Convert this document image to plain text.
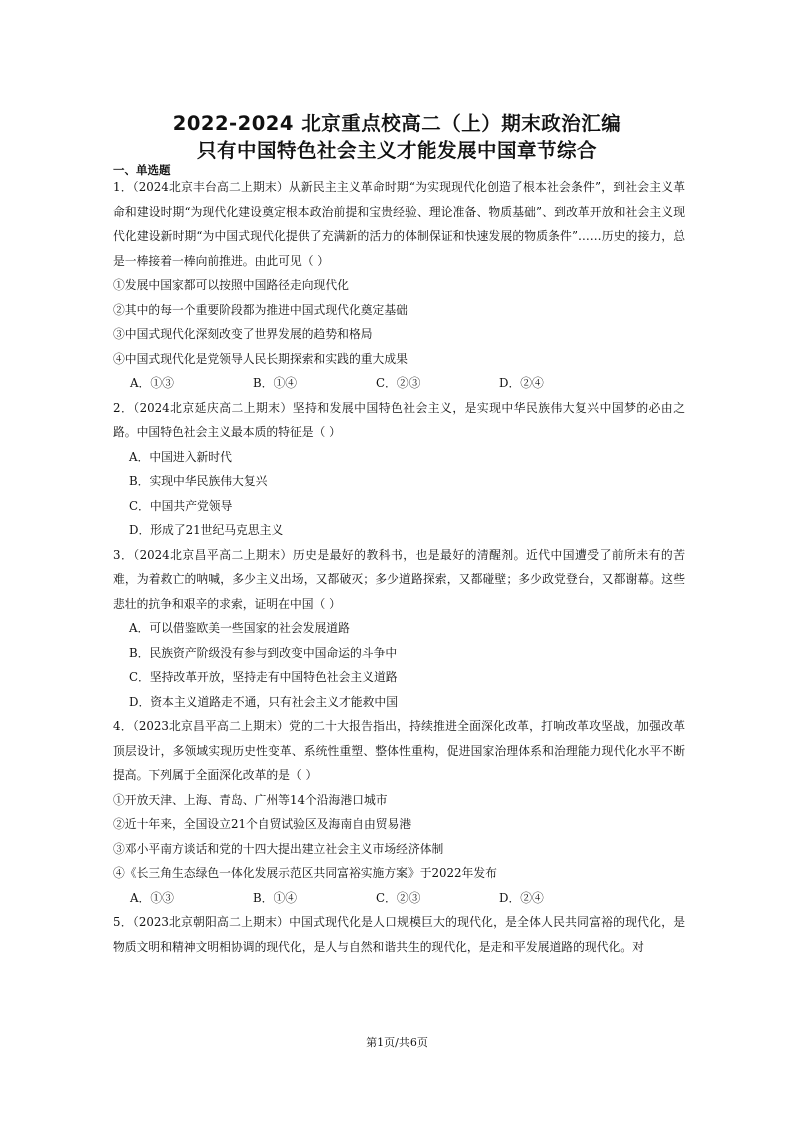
2022-2024 北京重点校高二（上）期末政治汇编
只有中国特色社会主义才能发展中国章节综合
一、单选题

1．（2024北京丰台高二上期末）从新民主主义革命时期“为实现现代化创造了根本社会条件”，到社会主义革命和建设时期“为现代化建设奠定根本政治前提和宝贵经验、理论准备、物质基础”、到改革开放和社会主义现代化建设新时期“为中国式现代化提供了充满新的活力的体制保证和快速发展的物质条件”……历史的接力，总是一棒接着一棒向前推进。由此可见（ ）

①发展中国家都可以按照中国路径走向现代化

②其中的每一个重要阶段都为推进中国式现代化奠定基础

③中国式现代化深刻改变了世界发展的趋势和格局

④中国式现代化是党领导人民长期探索和实践的重大成果

A．①③	B．①④	C．②③	D．②④

2．（2024北京延庆高二上期末）坚持和发展中国特色社会主义，是实现中华民族伟大复兴中国梦的必由之路。中国特色社会主义最本质的特征是（ ）

A．中国进入新时代

B．实现中华民族伟大复兴

C．中国共产党领导

D．形成了21世纪马克思主义

3．（2024北京昌平高二上期末）历史是最好的教科书，也是最好的清醒剂。近代中国遭受了前所未有的苦难，为着救亡的呐喊，多少主义出场，又都破灭；多少道路探索，又都碰壁；多少政党登台，又都谢幕。这些悲壮的抗争和艰辛的求索，证明在中国（ ）

A．可以借鉴欧美一些国家的社会发展道路

B．民族资产阶级没有参与到改变中国命运的斗争中

C．坚持改革开放，坚持走有中国特色社会主义道路

D．资本主义道路走不通，只有社会主义才能救中国

4．（2023北京昌平高二上期末）党的二十大报告指出，持续推进全面深化改革，打响改革攻坚战，加强改革顶层设计，多领域实现历史性变革、系统性重塑、整体性重构，促进国家治理体系和治理能力现代化水平不断提高。下列属于全面深化改革的是（ ）

①开放天津、上海、青岛、广州等14个沿海港口城市

②近十年来，全国设立21个自贸试验区及海南自由贸易港

③邓小平南方谈话和党的十四大提出建立社会主义市场经济体制

④《长三角生态绿色一体化发展示范区共同富裕实施方案》于2022年发布

A．①③	B．①④	C．②③	D．②④

5．（2023北京朝阳高二上期末）中国式现代化是人口规模巨大的现代化，是全体人民共同富裕的现代化，是物质文明和精神文明相协调的现代化，是人与自然和谐共生的现代化，是走和平发展道路的现代化。对

第1页/共6页
